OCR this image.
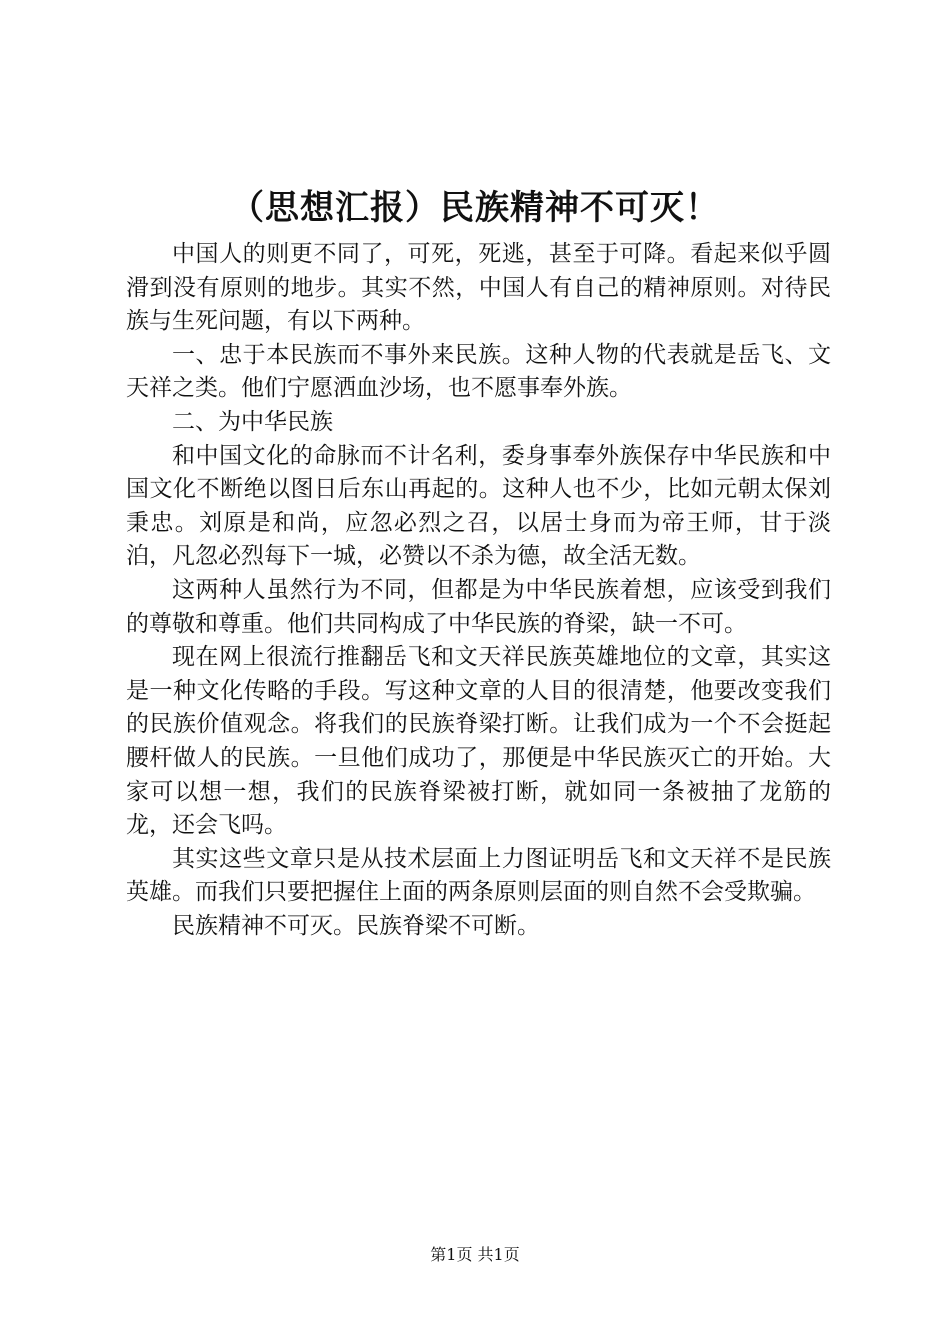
（思想汇报）民族精神不可灭！

中国人的则更不同了，可死，死逃，甚至于可降。看起来似乎圆滑到没有原则的地步。其实不然，中国人有自己的精神原则。对待民族与生死问题，有以下两种。

一、忠于本民族而不事外来民族。这种人物的代表就是岳飞、文天祥之类。他们宁愿洒血沙场，也不愿事奉外族。

二、为中华民族

和中国文化的命脉而不计名利，委身事奉外族保存中华民族和中国文化不断绝以图日后东山再起的。这种人也不少，比如元朝太保刘秉忠。刘原是和尚，应忽必烈之召，以居士身而为帝王师，甘于淡泊，凡忽必烈每下一城，必赞以不杀为德，故全活无数。

这两种人虽然行为不同，但都是为中华民族着想，应该受到我们的尊敬和尊重。他们共同构成了中华民族的脊梁，缺一不可。

现在网上很流行推翻岳飞和文天祥民族英雄地位的文章，其实这是一种文化传略的手段。写这种文章的人目的很清楚，他要改变我们的民族价值观念。将我们的民族脊梁打断。让我们成为一个不会挺起腰杆做人的民族。一旦他们成功了，那便是中华民族灭亡的开始。大家可以想一想，我们的民族脊梁被打断，就如同一条被抽了龙筋的龙，还会飞吗。

其实这些文章只是从技术层面上力图证明岳飞和文天祥不是民族英雄。而我们只要把握住上面的两条原则层面的则自然不会受欺骗。

民族精神不可灭。民族脊梁不可断。

第1页 共1页
